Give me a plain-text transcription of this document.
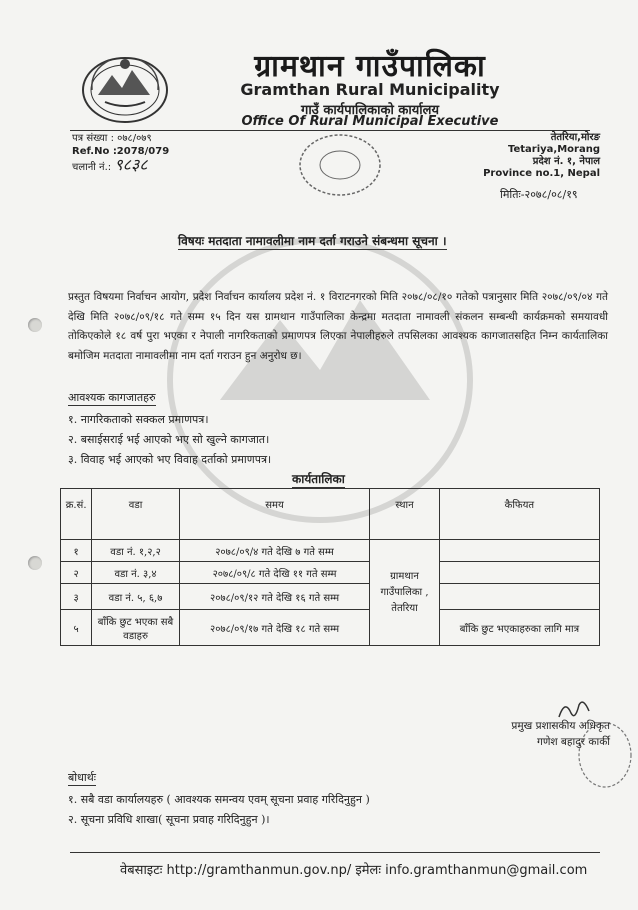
ग्रामथान गाउँपालिका
Gramthan Rural Municipality
गाउँ कार्यपालिकाको कार्यालय
Office Of Rural Municipal Executive
पत्र संख्या : ०७८/०७९
Ref.No :2078/079
चलानी नं.: ९८३८
तेतरिया,मोरङ
Tetariya,Morang
प्रदेश नं. १, नेपाल
Province no.1, Nepal
मितिः-२०७८/०८/१९
विषयः मतदाता नामावलीमा नाम दर्ता गराउने संबन्धमा सूचना ।
प्रस्तुत विषयमा निर्वाचन आयोग, प्रदेश निर्वाचन कार्यालय प्रदेश नं. १ विराटनगरको मिति २०७८/०८/१० गतेको पत्रानुसार मिति २०७८/०९/०४ गते देखि मिति २०७८/०९/१८ गते सम्म १५ दिन यस ग्रामथान गाउँपालिका केन्द्रमा मतदाता नामावली संकलन सम्बन्धी कार्यक्रमको समयावधी तोकिएकोले १८ वर्ष पुरा भएका र नेपाली नागरिकताको प्रमाणपत्र लिएका नेपालीहरुले तपसिलका आवश्यक कागजातसहित निम्न कार्यतालिका बमोजिम मतदाता नामावलीमा नाम दर्ता गराउन हुन अनुरोध छ।
आवश्यक कागजातहरु
१. नागरिकताको सक्कल प्रमाणपत्र।
२. बसाईसराई भई आएको भए सो खुल्ने कागजात।
३. विवाह भई आएको भए विवाह दर्ताको प्रमाणपत्र।
कार्यतालिका
क्र.सं.	वडा	समय	स्थान	कैफियत
१	वडा नं. १,२,२	२०७८/०९/४ गते देखि ७ गते सम्म	ग्रामथान गाउँपालिका , तेतरिया	
२	वडा नं. ३,४	२०७८/०९/८ गते देखि ११ गते सम्म		
३	वडा नं. ५, ६,७	२०७८/०९/१२ गते देखि १६ गते सम्म		
५	बाँकि छुट भएका सबै वडाहरु	२०७८/०९/१७ गते देखि १८ गते सम्म		बाँकि छुट भएकाहरुका लागि मात्र
प्रमुख प्रशासकीय अधिकृत
गणेश बहादुर कार्की
बोधार्थः
१. सबै वडा कार्यालयहरु ( आवश्यक समन्वय एवम् सूचना प्रवाह गरिदिनुहुन )
२. सूचना प्रविधि शाखा( सूचना प्रवाह गरिदिनुहुन )।
वेबसाइटः http://gramthanmun.gov.np/ इमेलः info.gramthanmun@gmail.com
